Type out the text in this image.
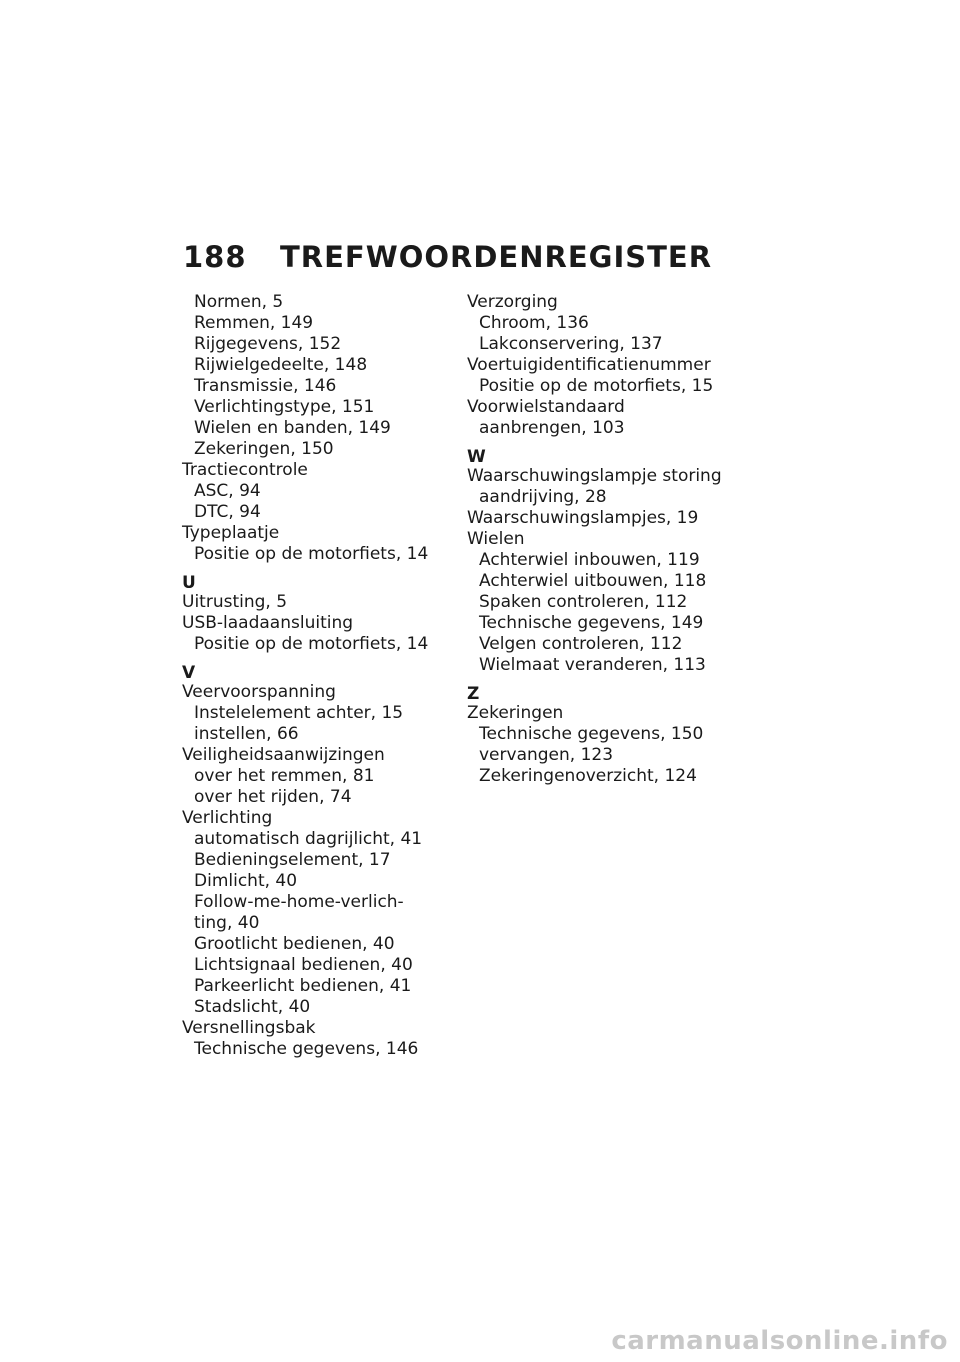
188	TREFWOORDENREGISTER
Normen, 5
Remmen, 149
Rijgegevens, 152
Rijwielgedeelte, 148
Transmissie, 146
Verlichtingstype, 151
Wielen en banden, 149
Zekeringen, 150
Tractiecontrole
ASC, 94
DTC, 94
Typeplaatje
Positie op de motorfiets, 14
U
Uitrusting, 5
USB-laadaansluiting
Positie op de motorfiets, 14
V
Veervoorspanning
Instelelement achter, 15
instellen, 66
Veiligheidsaanwijzingen
over het remmen, 81
over het rijden, 74
Verlichting
automatisch dagrijlicht, 41
Bedieningselement, 17
Dimlicht, 40
Follow-me-home-verlich-
ting, 40
Grootlicht bedienen, 40
Lichtsignaal bedienen, 40
Parkeerlicht bedienen, 41
Stadslicht, 40
Versnellingsbak
Technische gegevens, 146
Verzorging
Chroom, 136
Lakconservering, 137
Voertuigidentificatienummer
Positie op de motorfiets, 15
Voorwielstandaard
aanbrengen, 103
W
Waarschuwingslampje storing
aandrijving, 28
Waarschuwingslampjes, 19
Wielen
Achterwiel inbouwen, 119
Achterwiel uitbouwen, 118
Spaken controleren, 112
Technische gegevens, 149
Velgen controleren, 112
Wielmaat veranderen, 113
Z
Zekeringen
Technische gegevens, 150
vervangen, 123
Zekeringenoverzicht, 124
carmanualsonline.info
